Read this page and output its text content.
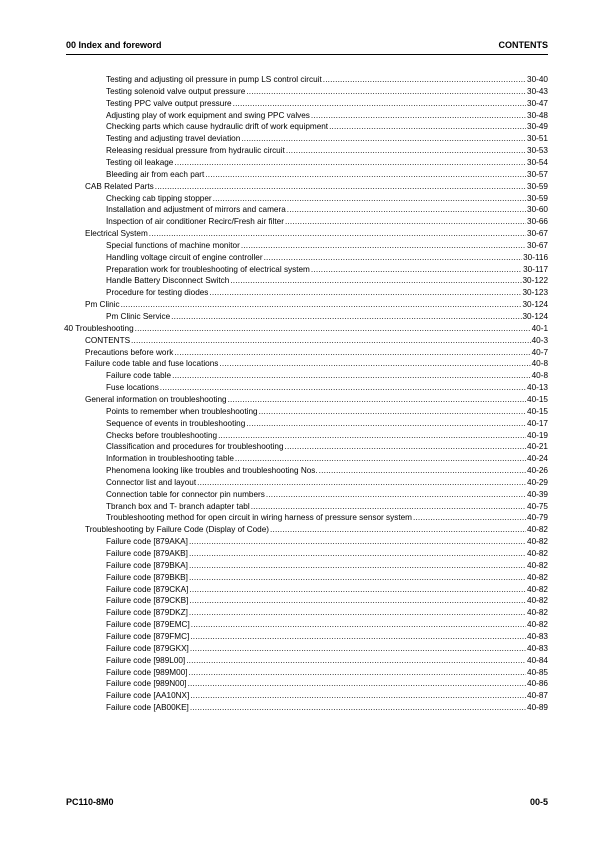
00 Index and foreword	CONTENTS
Testing and adjusting oil pressure in pump LS control circuit .....	30-40
Testing solenoid valve output pressure .....	30-43
Testing PPC valve output pressure .....	30-47
Adjusting play of work equipment and swing PPC valves .....	30-48
Checking parts which cause hydraulic drift of work equipment .....	30-49
Testing and adjusting travel deviation .....	30-51
Releasing residual pressure from hydraulic circuit .....	30-53
Testing oil leakage .....	30-54
Bleeding air from each part .....	30-57
CAB Related Parts .....	30-59
Checking cab tipping stopper .....	30-59
Installation and adjustment of mirrors and camera .....	30-60
Inspection of air conditioner Recirc/Fresh air filter .....	30-66
Electrical System .....	30-67
Special functions of machine monitor .....	30-67
Handling voltage circuit of engine controller .....	30-116
Preparation work for troubleshooting of electrical system .....	30-117
Handle Battery Disconnect Switch .....	30-122
Procedure for testing diodes .....	30-123
Pm Clinic .....	30-124
Pm Clinic Service .....	30-124
40 Troubleshooting .....	40-1
CONTENTS .....	40-3
Precautions before work .....	40-7
Failure code table and fuse locations .....	40-8
Failure code table .....	40-8
Fuse locations .....	40-13
General information on troubleshooting .....	40-15
Points to remember when troubleshooting .....	40-15
Sequence of events in troubleshooting .....	40-17
Checks before troubleshooting .....	40-19
Classification and procedures for troubleshooting .....	40-21
Information in troubleshooting table .....	40-24
Phenomena looking like troubles and troubleshooting Nos. .....	40-26
Connector list and layout .....	40-29
Connection table for connector pin numbers .....	40-39
Tbranch box and T- branch adapter tabl .....	40-75
Troubleshooting method for open circuit in wiring harness of pressure sensor system .....	40-79
Troubleshooting by Failure Code (Display of Code) .....	40-82
Failure code [879AKA] .....	40-82
Failure code [879AKB] .....	40-82
Failure code [879BKA] .....	40-82
Failure code [879BKB] .....	40-82
Failure code [879CKA] .....	40-82
Failure code [879CKB] .....	40-82
Failure code [879DKZ] .....	40-82
Failure code [879EMC] .....	40-82
Failure code [879FMC] .....	40-83
Failure code [879GKX] .....	40-83
Failure code [989L00] .....	40-84
Failure code [989M00] .....	40-85
Failure code [989N00] .....	40-86
Failure code [AA10NX] .....	40-87
Failure code [AB00KE] .....	40-89
PC110-8M0	00-5
